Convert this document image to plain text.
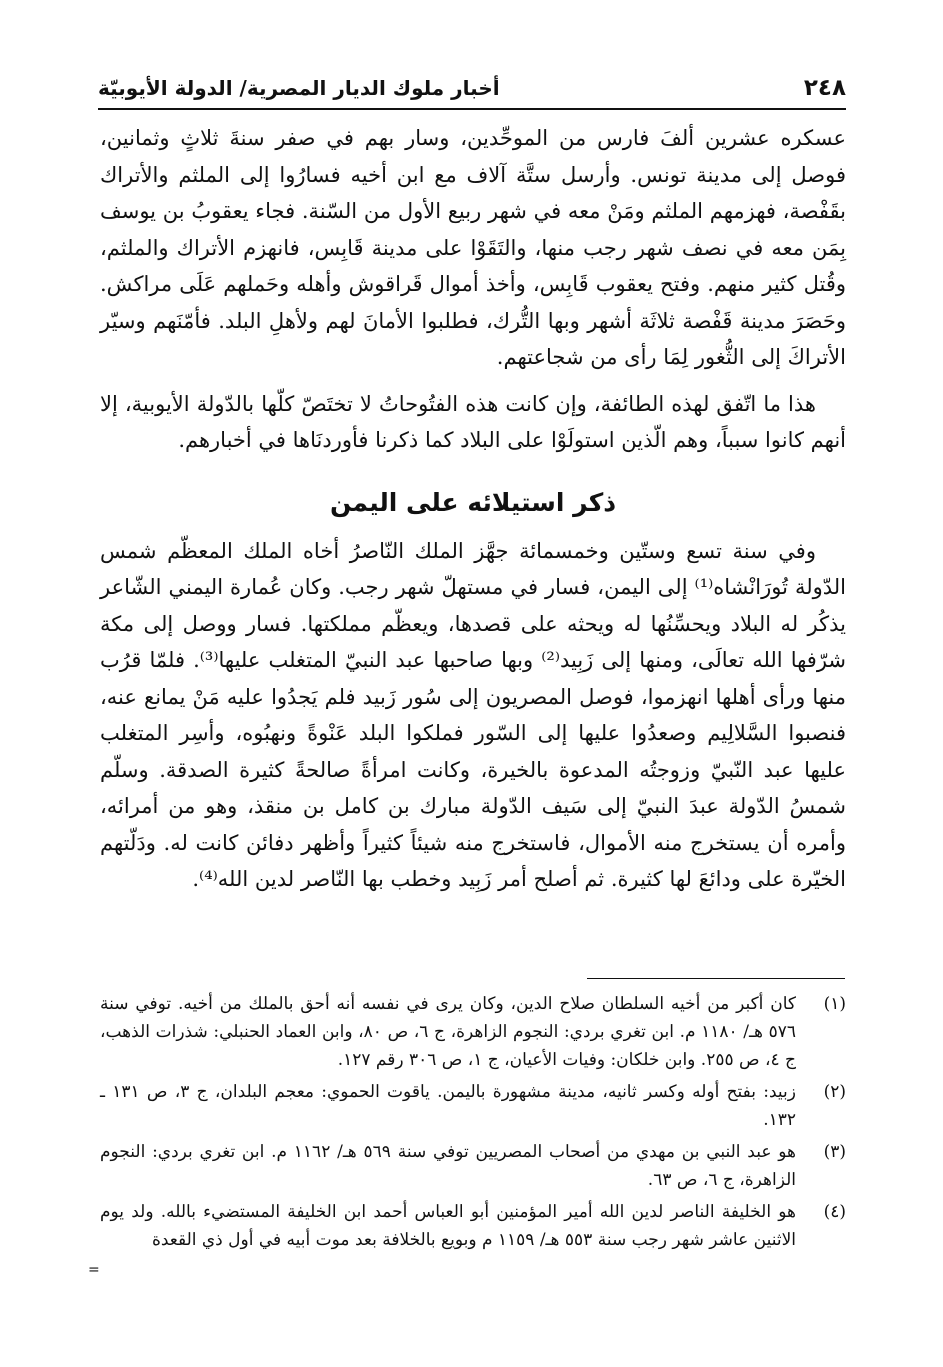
٢٤٨
أخبار ملوك الديار المصرية/ الدولة الأيوبيّة

عسكره عشرين ألفَ فارس من الموحِّدين، وسار بهم في صفر سنةَ ثلاثٍ وثمانين، فوصل إلى مدينة تونس. وأرسل ستَّة آلاف مع ابن أخيه فسارُوا إلى الملثم والأتراك بقَفْصة، فهزمهم الملثم ومَنْ معه في شهر ربيع الأول من السّنة. فجاء يعقوبُ بن يوسف بِمَن معه في نصف شهر رجب منها، والتَقَوْا على مدينة قَابِس، فانهزم الأتراك والملثم، وقُتل كثير منهم. وفتح يعقوب قَابِس، وأخذ أموال قَراقوش وأهله وحَملهم عَلَى مراكش. وحَصَرَ مدينة قَفْصة ثلاثَة أشهر وبها التُّرك، فطلبوا الأمانَ لهم ولأهلِ البلد. فأمّنَهم وسيّر الأتراكَ إلى الثُّغور لِمَا رأى من شجاعتهم.

هذا ما اتّفق لهذه الطائفة، وإن كانت هذه الفتُوحاتُ لا تختَصّ كلّها بالدّولة الأيوبية، إلا أنهم كانوا سبباً، وهم الّذين استولَوْا على البلاد كما ذكرنا فأوردنَاها في أخبارهم.

ذكر استيلائه على اليمن

وفي سنة تسع وستّين وخمسمائة جهَّز الملك النّاصرُ أخاه الملك المعظّم شمس الدّولة تُورَانْشاه⁽¹⁾ إلى اليمن، فسار في مستهلّ شهر رجب. وكان عُمارة اليمني الشّاعر يذكُر له البلاد ويحسِّنُها له ويحثه على قصدها، ويعظّم مملكتها. فسار ووصل إلى مكة شرّفها الله تعالَى، ومنها إلى زَبِيد⁽²⁾ وبها صاحبها عبد النبيّ المتغلب عليها⁽³⁾. فلمّا قرُب منها ورأى أهلها انهزموا، فوصل المصريون إلى سُور زَبيد فلم يَجدُوا عليه مَنْ يمانع عنه، فنصبوا السَّلالِيم وصعدُوا عليها إلى السّور فملكوا البلد عَنْوةً ونهبُوه، وأسِر المتغلب عليها عبد النّبيّ وزوجتُه المدعوة بالخيرة، وكانت امرأةً صالحةً كثيرة الصدقة. وسلّم شمسُ الدّولة عبدَ النبيّ إلى سَيف الدّولة مبارك بن كامل بن منقذ، وهو من أمرائه، وأمره أن يستخرج منه الأموال، فاستخرج منه شيئاً كثيراً وأظهر دفائن كانت له. ودَلّتهم الخيّرة على ودائعَ لها كثيرة. ثم أصلح أمر زَبِيد وخطب بها النّاصر لدين الله⁽⁴⁾.

(١)
كان أكبر من أخيه السلطان صلاح الدين، وكان يرى في نفسه أنه أحق بالملك من أخيه. توفي سنة ٥٧٦ هـ/ ١١٨٠ م. ابن تغري بردي: النجوم الزاهرة، ج ٦، ص ٨٠، وابن العماد الحنبلي: شذرات الذهب، ج ٤، ص ٢٥٥. وابن خلكان: وفيات الأعيان، ج ١، ص ٣٠٦ رقم ١٢٧.
(٢)
زبيد: بفتح أوله وكسر ثانيه، مدينة مشهورة باليمن. ياقوت الحموي: معجم البلدان، ج ٣، ص ١٣١ ـ ١٣٢.
(٣)
هو عبد النبي بن مهدي من أصحاب المصريين توفي سنة ٥٦٩ هـ/ ١١٦٢ م. ابن تغري بردي: النجوم الزاهرة، ج ٦، ص ٦٣.
(٤)
هو الخليفة الناصر لدين الله أمير المؤمنين أبو العباس أحمد ابن الخليفة المستضيء بالله. ولد يوم الاثنين عاشر شهر رجب سنة ٥٥٣ هـ/ ١١٥٩ م وبويع بالخلافة بعد موت أبيه في أول ذي القعدة
=
